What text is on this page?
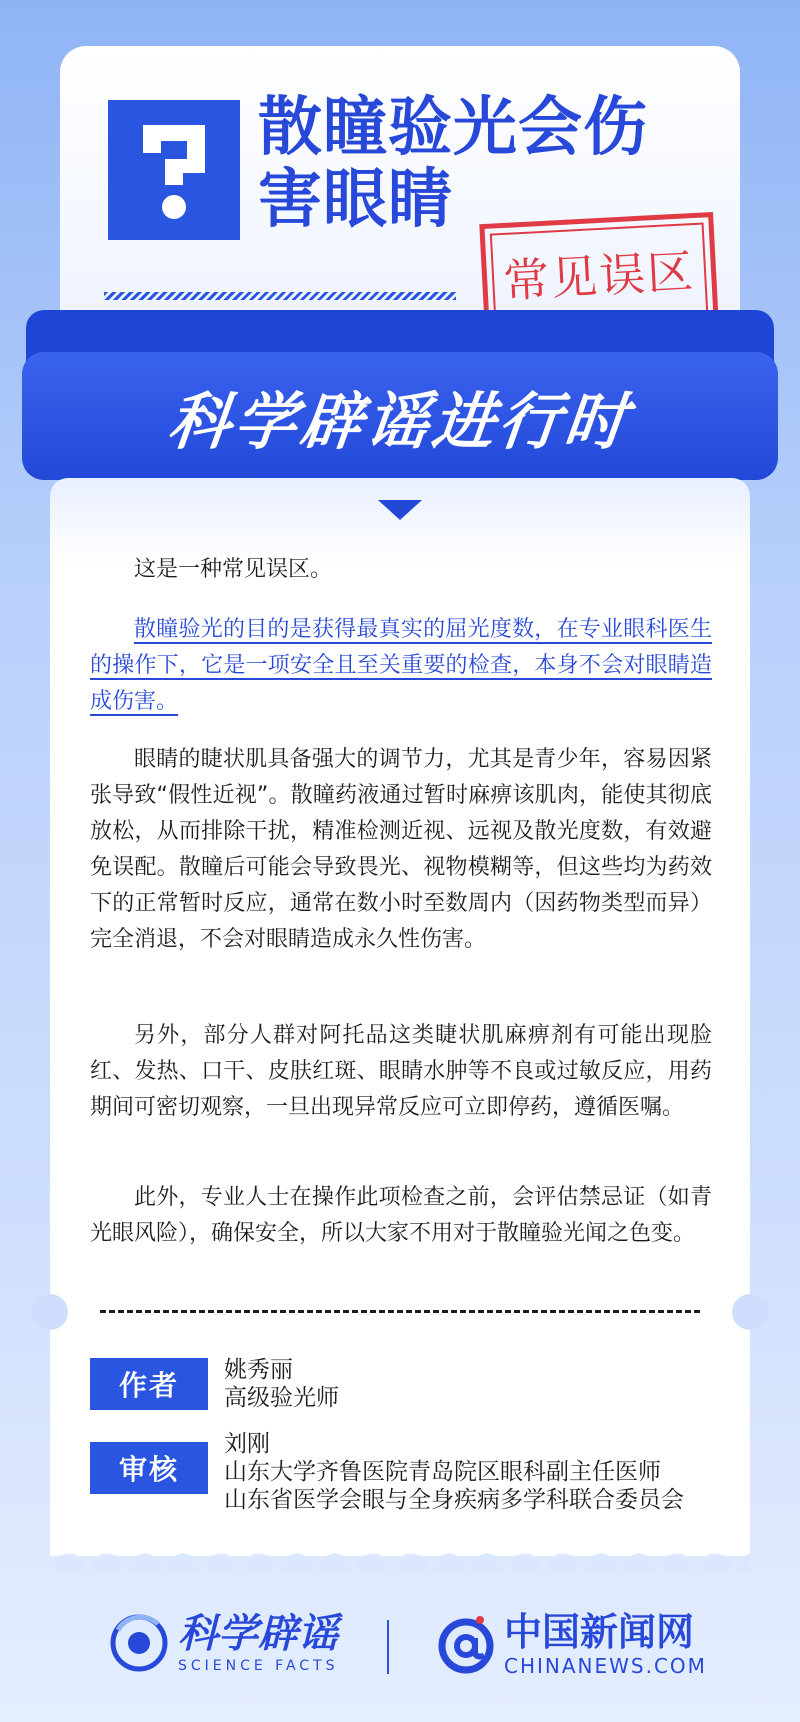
散瞳验光会伤
害眼睛
常见误区
科学辟谣进行时

这是一种常见误区。

散瞳验光的目的是获得最真实的屈光度数，在专业眼科医生的操作下，它是一项安全且至关重要的检查，本身不会对眼睛造成伤害。

眼睛的睫状肌具备强大的调节力，尤其是青少年，容易因紧张导致“假性近视”。散瞳药液通过暂时麻痹该肌肉，能使其彻底放松，从而排除干扰，精准检测近视、远视及散光度数，有效避免误配。散瞳后可能会导致畏光、视物模糊等，但这些均为药效下的正常暂时反应，通常在数小时至数周内（因药物类型而异）完全消退，不会对眼睛造成永久性伤害。

另外，部分人群对阿托品这类睫状肌麻痹剂有可能出现脸红、发热、口干、皮肤红斑、眼睛水肿等不良或过敏反应，用药期间可密切观察，一旦出现异常反应可立即停药，遵循医嘱。

此外，专业人士在操作此项检查之前，会评估禁忌证（如青光眼风险），确保安全，所以大家不用对于散瞳验光闻之色变。

作者	姚秀丽
高级验光师
审核
刘刚
山东大学齐鲁医院青岛院区眼科副主任医师
山东省医学会眼与全身疾病多学科联合委员会
科学辟谣
SCIENCE FACTS
中国新闻网
CHINANEWS.COM
